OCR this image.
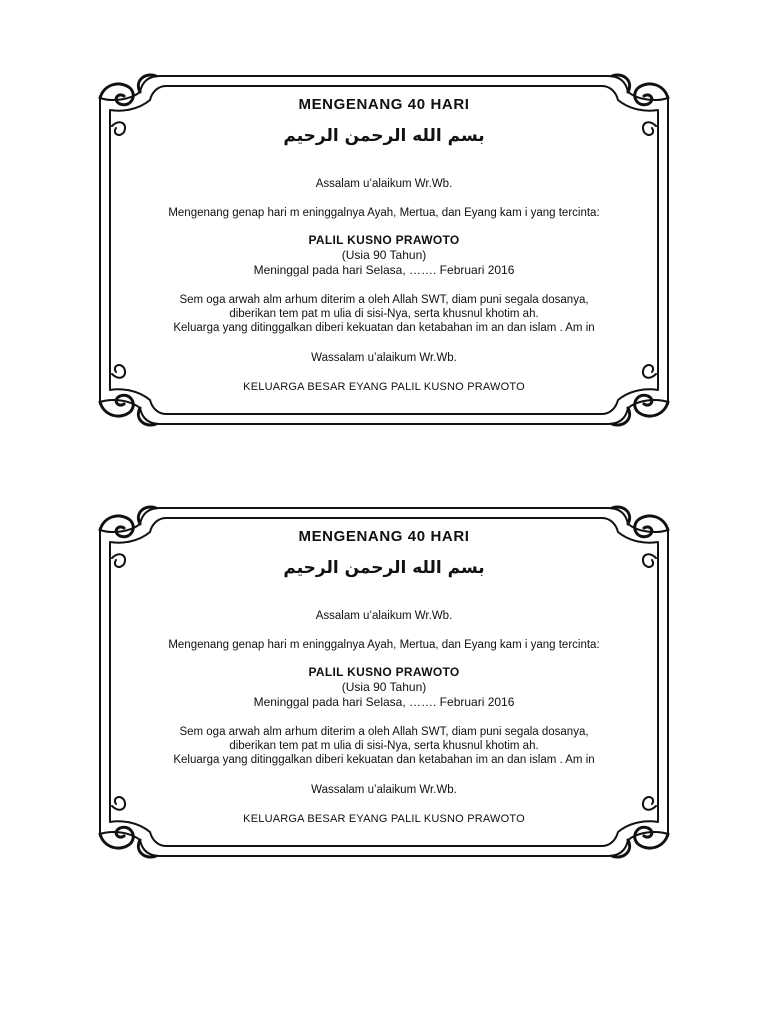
MENGENANG 40 HARI
بسم الله الرحمن الرحيم
Assalam u’alaikum Wr.Wb.
Mengenang genap hari m eninggalnya Ayah, Mertua, dan Eyang kam i yang tercinta:
PALIL KUSNO PRAWOTO
(Usia 90 Tahun)
Meninggal pada hari Selasa, ……. Februari 2016
Sem oga arwah alm arhum diterim a oleh Allah SWT, diam puni segala dosanya,
diberikan tem pat m ulia di sisi-Nya, serta khusnul khotim ah.
Keluarga yang ditinggalkan diberi kekuatan dan ketabahan im an dan islam . Am in
Wassalam u’alaikum Wr.Wb.
KELUARGA BESAR EYANG PALIL KUSNO PRAWOTO
MENGENANG 40 HARI
بسم الله الرحمن الرحيم
Assalam u’alaikum Wr.Wb.
Mengenang genap hari m eninggalnya Ayah, Mertua, dan Eyang kam i yang tercinta:
PALIL KUSNO PRAWOTO
(Usia 90 Tahun)
Meninggal pada hari Selasa, ……. Februari 2016
Sem oga arwah alm arhum diterim a oleh Allah SWT, diam puni segala dosanya,
diberikan tem pat m ulia di sisi-Nya, serta khusnul khotim ah.
Keluarga yang ditinggalkan diberi kekuatan dan ketabahan im an dan islam . Am in
Wassalam u’alaikum Wr.Wb.
KELUARGA BESAR EYANG PALIL KUSNO PRAWOTO
